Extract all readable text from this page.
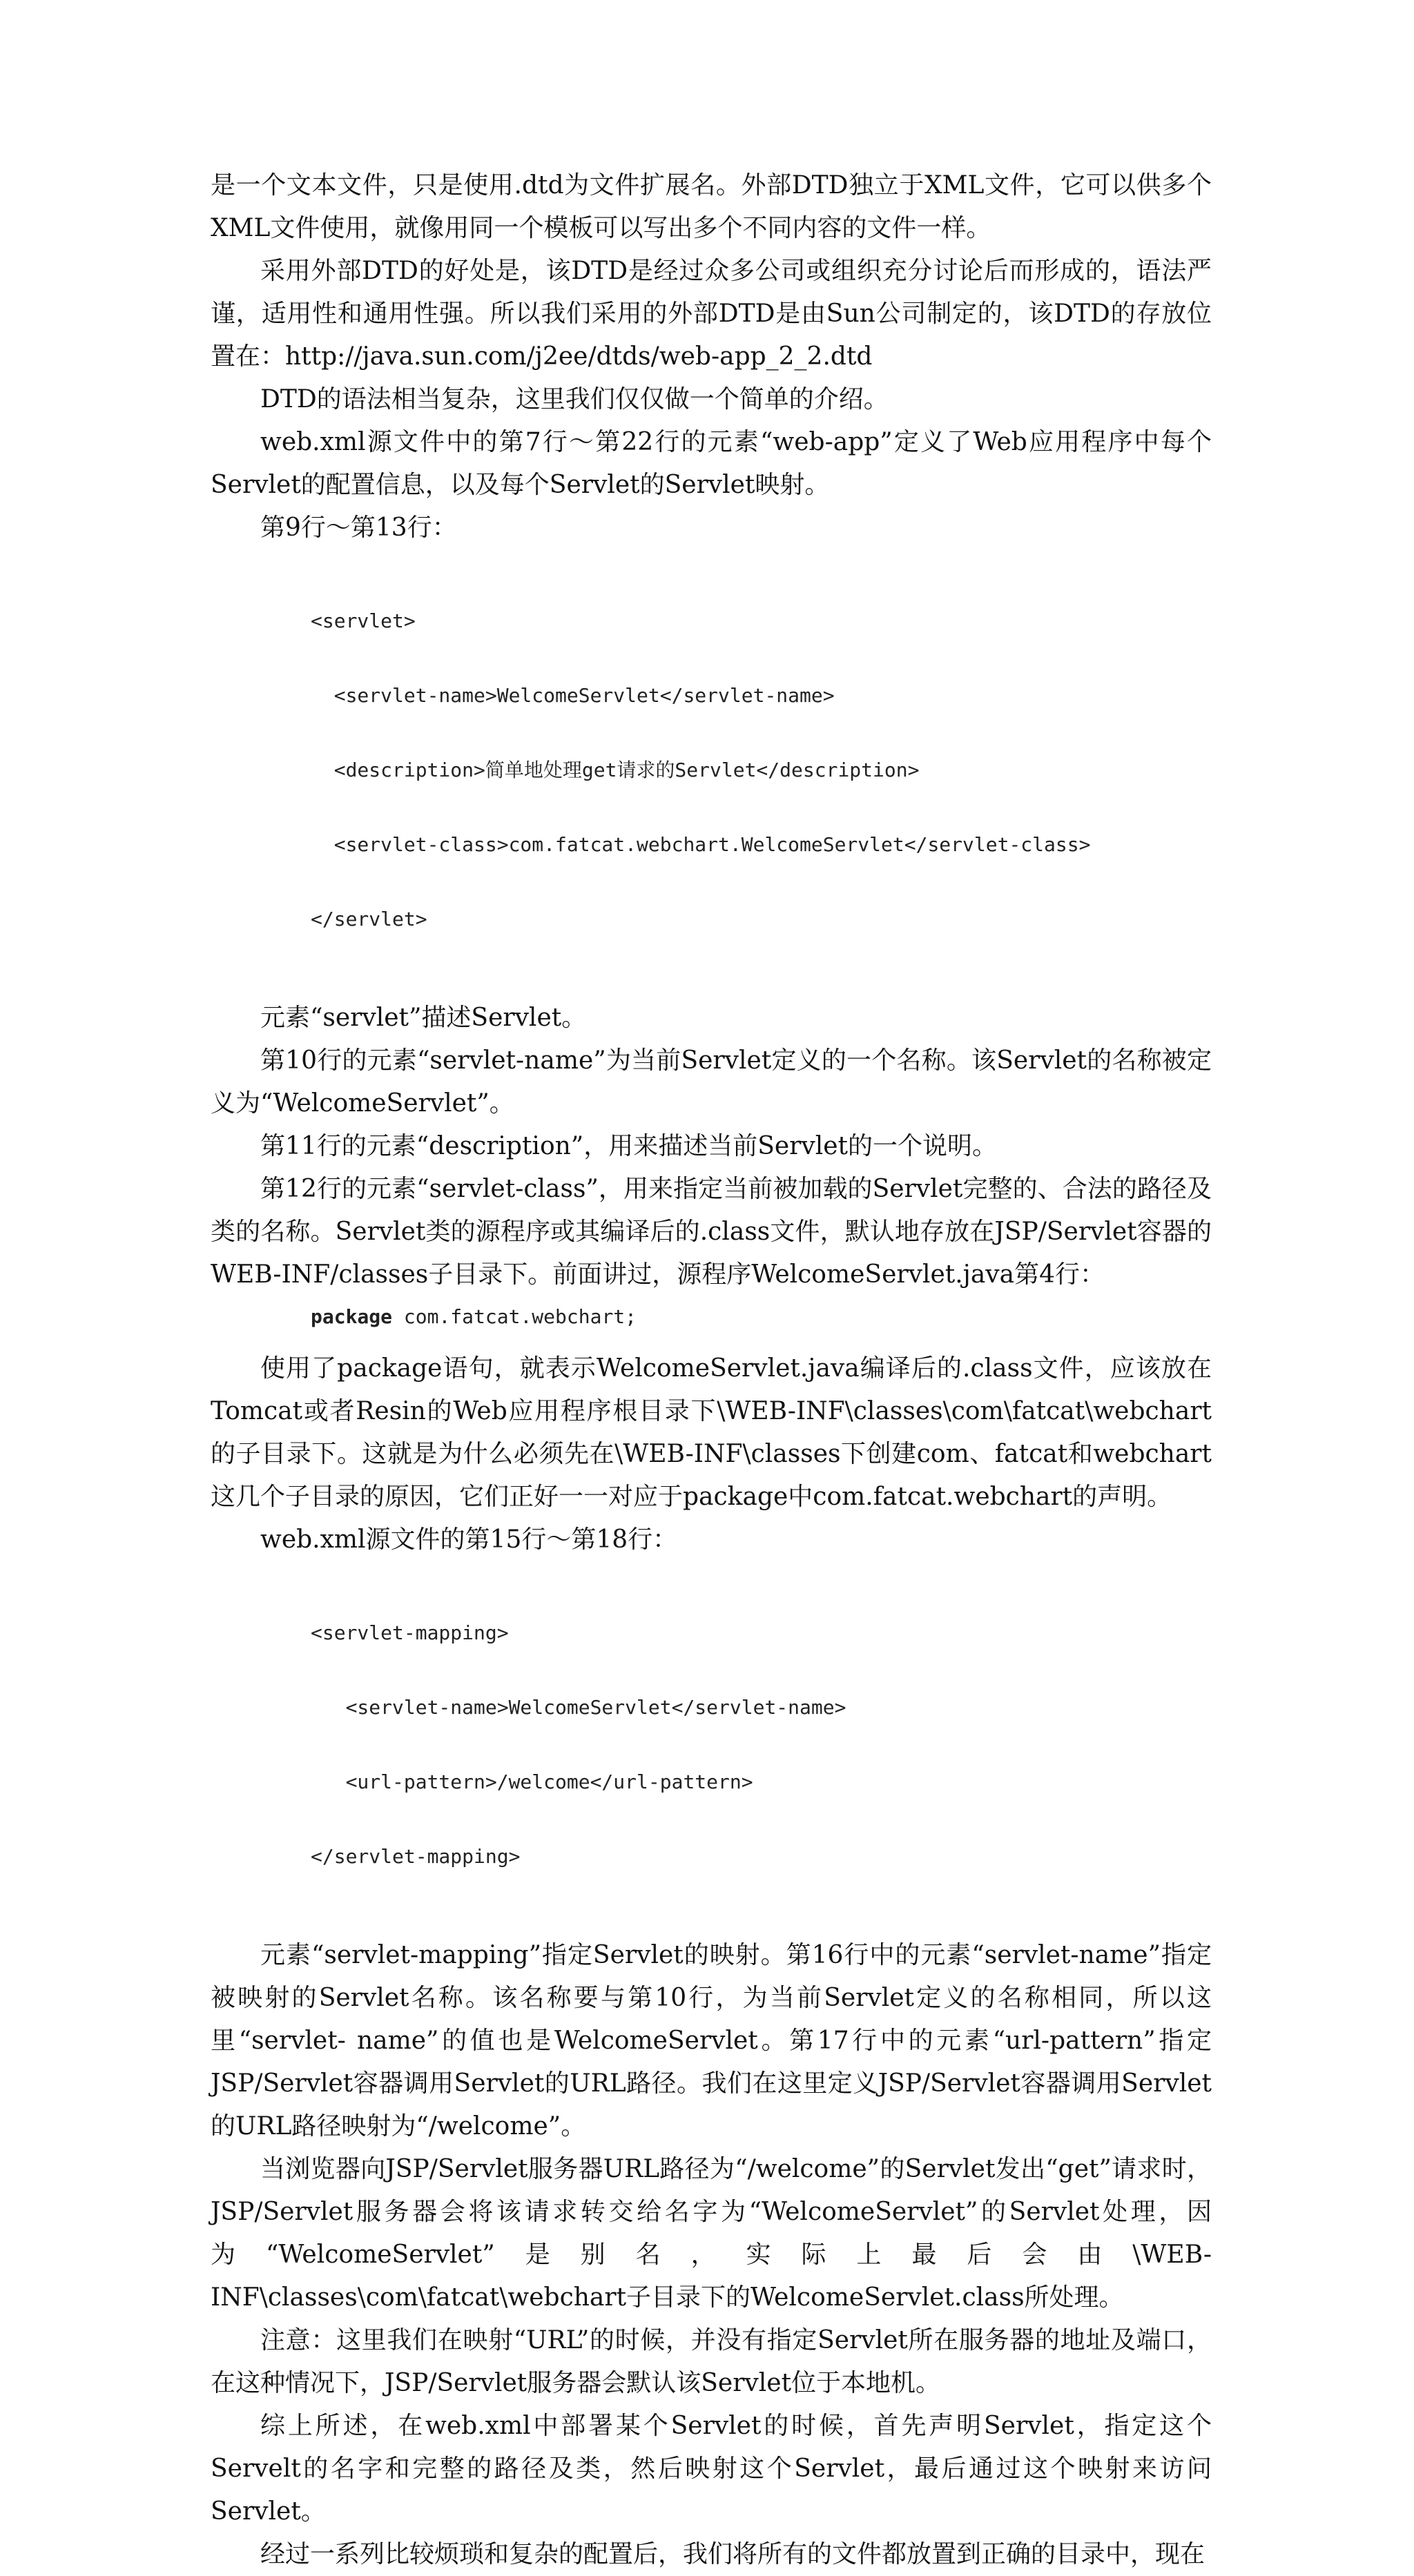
是一个文本文件，只是使用.dtd为文件扩展名。外部DTD独立于XML文件，它可以供多个XML文件使用，就像用同一个模板可以写出多个不同内容的文件一样。

采用外部DTD的好处是，该DTD是经过众多公司或组织充分讨论后而形成的，语法严谨，适用性和通用性强。所以我们采用的外部DTD是由Sun公司制定的，该DTD的存放位置在：http://java.sun.com/j2ee/dtds/web-app_2_2.dtd

DTD的语法相当复杂，这里我们仅仅做一个简单的介绍。

web.xml源文件中的第7行～第22行的元素“web-app”定义了Web应用程序中每个Servlet的配置信息，以及每个Servlet的Servlet映射。

第9行～第13行：

<servlet>

<servlet-name>WelcomeServlet</servlet-name>

<description>简单地处理get请求的Servlet</description>

<servlet-class>com.fatcat.webchart.WelcomeServlet</servlet-class>

</servlet>

元素“servlet”描述Servlet。

第10行的元素“servlet-name”为当前Servlet定义的一个名称。该Servlet的名称被定义为“WelcomeServlet”。

第11行的元素“description”，用来描述当前Servlet的一个说明。

第12行的元素“servlet-class”，用来指定当前被加载的Servlet完整的、合法的路径及类的名称。Servlet类的源程序或其编译后的.class文件，默认地存放在JSP/Servlet容器的WEB-INF/classes子目录下。前面讲过，源程序WelcomeServlet.java第4行：

package com.fatcat.webchart;

使用了package语句，就表示WelcomeServlet.java编译后的.class文件，应该放在Tomcat或者Resin的Web应用程序根目录下\WEB-INF\classes\com\fatcat\webchart的子目录下。这就是为什么必须先在\WEB-INF\classes下创建com、fatcat和webchart这几个子目录的原因，它们正好一一对应于package中com.fatcat.webchart的声明。

web.xml源文件的第15行～第18行：

<servlet-mapping>

<servlet-name>WelcomeServlet</servlet-name>

<url-pattern>/welcome</url-pattern>

</servlet-mapping>

元素“servlet-mapping”指定Servlet的映射。第16行中的元素“servlet-name”指定被映射的Servlet名称。该名称要与第10行，为当前Servlet定义的名称相同，所以这里“servlet- name”的值也是WelcomeServlet。第17行中的元素“url-pattern”指定JSP/Servlet容器调用Servlet的URL路径。我们在这里定义JSP/Servlet容器调用Servlet的URL路径映射为“/welcome”。

当浏览器向JSP/Servlet服务器URL路径为“/welcome”的Servlet发出“get”请求时，JSP/Servlet服务器会将该请求转交给名字为“WelcomeServlet”的Servlet处理，因为“WelcomeServlet”是别名，实际上最后会由\WEB-INF\classes\com\fatcat\webchart子目录下的WelcomeServlet.class所处理。

注意：这里我们在映射“URL”的时候，并没有指定Servlet所在服务器的地址及端口，在这种情况下，JSP/Servlet服务器会默认该Servlet位于本地机。

综上所述，在web.xml中部署某个Servlet的时候，首先声明Servlet，指定这个Servelt的名字和完整的路径及类，然后映射这个Servlet，最后通过这个映射来访问Servlet。

经过一系列比较烦琐和复杂的配置后，我们将所有的文件都放置到正确的目录中，现在
